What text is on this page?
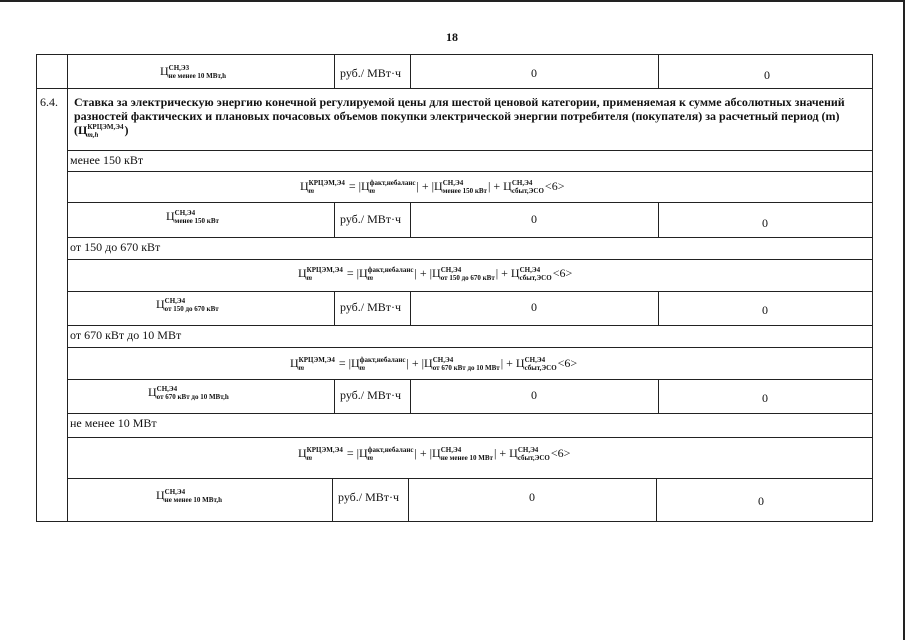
18
Ц СН,Э3
не менее 10 МВт,h	руб./ МВт·ч	0	0
6.4. Ставка за электрическую энергию конечной регулируемой цены для шестой ценовой категории, применяемая к сумме абсолютных значений
разностей фактических и плановых почасовых объемов покупки электрической энергии потребителя (покупателя) за расчетный период (m)
(Ц КРЦЭМ,Э4
m,h	)
менее 150 кВт
Ц КРЦЭМ,Э4
m	= |Ц факт,небаланс
m	| + |Ц СН,Э4
менее 150 кВт | + Ц СН,Э4
сбыт,ЭСО <6>
Ц СН,Э4
менее 150 кВт	руб./ МВт·ч	0	0
от 150 до 670 кВт
Ц КРЦЭМ,Э4
m	= |Ц факт,небаланс
m	| + |Ц СН,Э4
от 150 до 670 кВт | + Ц СН,Э4
сбыт,ЭСО <6>
Ц СН,Э4
от 150 до 670 кВт	руб./ МВт·ч	0	0
от 670 кВт до 10 МВт
Ц КРЦЭМ,Э4
m	= |Ц факт,небаланс
m	| + |Ц СН,Э4
от 670 кВт до 10 МВт | + Ц СН,Э4
сбыт,ЭСО <6>
Ц СН,Э4
от 670 кВт до 10 МВт,h	руб./ МВт·ч	0	0
не менее 10 МВт
Ц КРЦЭМ,Э4
m	= |Ц факт,небаланс
m	| + |Ц СН,Э4
не менее 10 МВт | + Ц СН,Э4
сбыт,ЭСО <6>
Ц СН,Э4
не менее 10 МВт,h	руб./ МВт·ч	0	0
